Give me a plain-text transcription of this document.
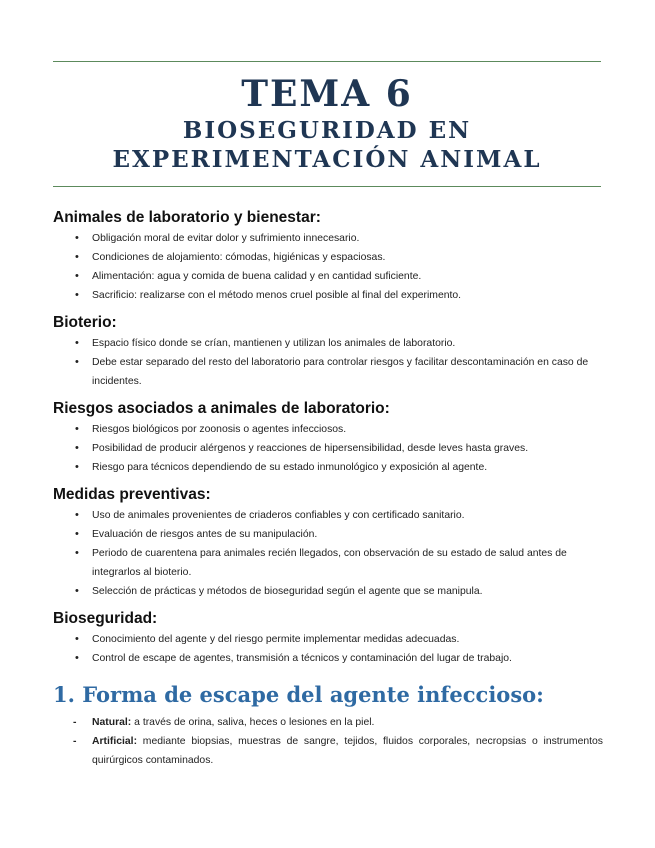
TEMA 6
BIOSEGURIDAD EN
EXPERIMENTACIÓN ANIMAL
Animales de laboratorio y bienestar:
• Obligación moral de evitar dolor y sufrimiento innecesario.
• Condiciones de alojamiento: cómodas, higiénicas y espaciosas.
• Alimentación: agua y comida de buena calidad y en cantidad suficiente.
• Sacrificio: realizarse con el método menos cruel posible al final del experimento.
Bioterio:
• Espacio físico donde se crían, mantienen y utilizan los animales de laboratorio.
• Debe estar separado del resto del laboratorio para controlar riesgos y facilitar descontaminación en caso de incidentes.
Riesgos asociados a animales de laboratorio:
• Riesgos biológicos por zoonosis o agentes infecciosos.
• Posibilidad de producir alérgenos y reacciones de hipersensibilidad, desde leves hasta graves.
• Riesgo para técnicos dependiendo de su estado inmunológico y exposición al agente.
Medidas preventivas:
• Uso de animales provenientes de criaderos confiables y con certificado sanitario.
• Evaluación de riesgos antes de su manipulación.
• Periodo de cuarentena para animales recién llegados, con observación de su estado de salud antes de integrarlos al bioterio.
• Selección de prácticas y métodos de bioseguridad según el agente que se manipula.
Bioseguridad:
• Conocimiento del agente y del riesgo permite implementar medidas adecuadas.
• Control de escape de agentes, transmisión a técnicos y contaminación del lugar de trabajo.
1. Forma de escape del agente infeccioso:
- Natural: a través de orina, saliva, heces o lesiones en la piel.
- Artificial: mediante biopsias, muestras de sangre, tejidos, fluidos corporales, necropsias o instrumentos quirúrgicos contaminados.
